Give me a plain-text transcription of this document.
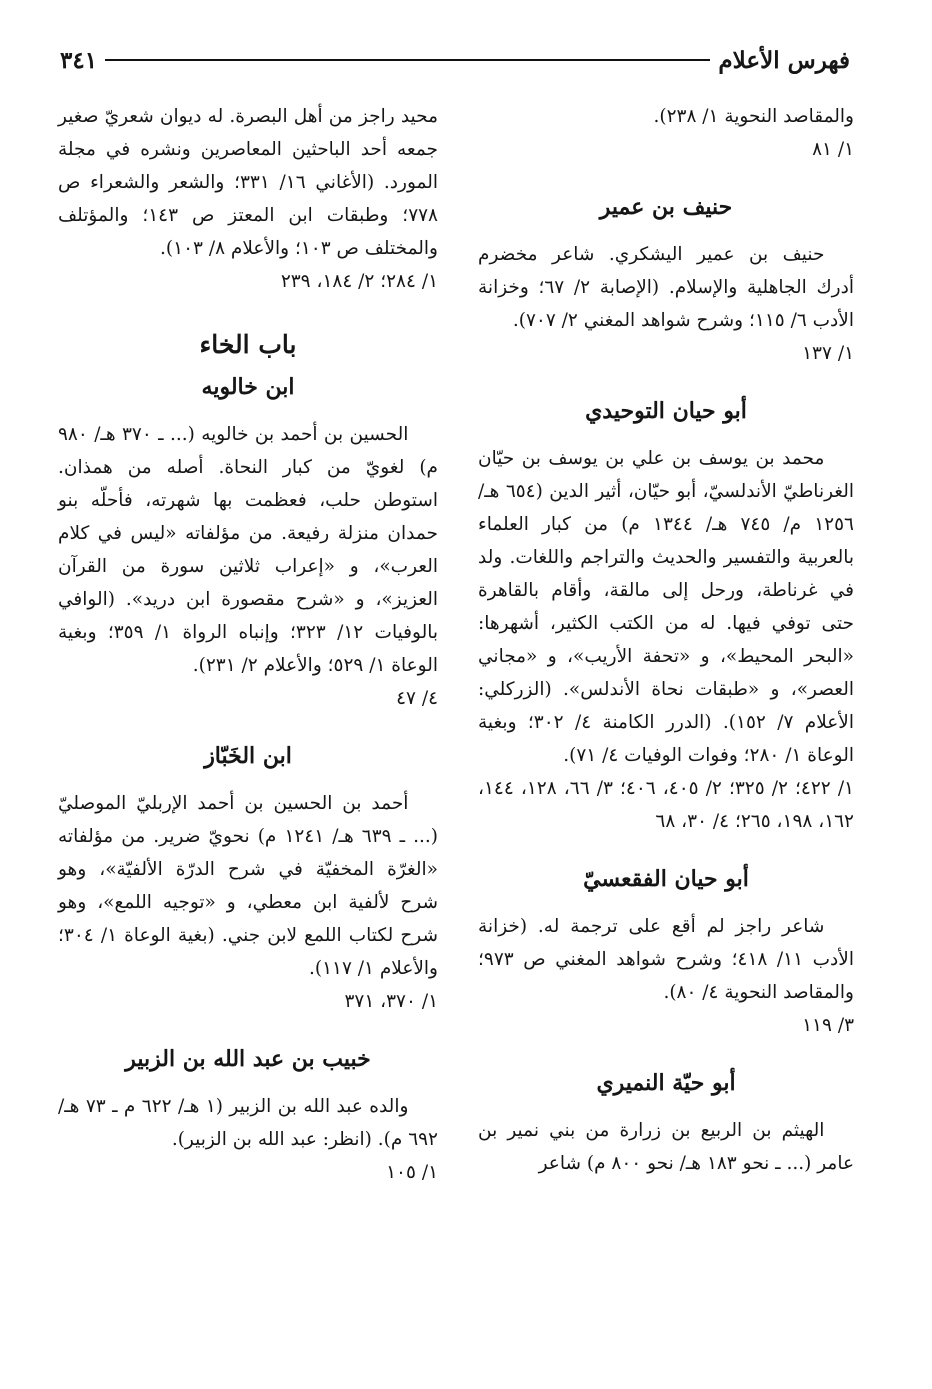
فهرس الأعلام
٣٤١

والمقاصد النحوية ١/ ٢٣٨).

١/ ٨١

حنيف بن عمير

حنيف بن عمير اليشكري. شاعر مخضرم أدرك الجاهلية والإسلام. (الإصابة ٢/ ٦٧؛ وخزانة الأدب ٦/ ١١٥؛ وشرح شواهد المغني ٢/ ٧٠٧).

١/ ١٣٧

أبو حيان التوحيدي

محمد بن يوسف بن علي بن يوسف بن حيّان الغرناطيّ الأندلسيّ، أبو حيّان، أثير الدين (٦٥٤ هـ/ ١٢٥٦ م/ ٧٤٥ هـ/ ١٣٤٤ م) من كبار العلماء بالعربية والتفسير والحديث والتراجم واللغات. ولد في غرناطة، ورحل إلى مالقة، وأقام بالقاهرة حتى توفي فيها. له من الكتب الكثير، أشهرها: «البحر المحيط»، و «تحفة الأريب»، و «مجاني العصر»، و «طبقات نحاة الأندلس». (الزركلي: الأعلام ٧/ ١٥٢). (الدرر الكامنة ٤/ ٣٠٢؛ وبغية الوعاة ١/ ٢٨٠؛ وفوات الوفيات ٤/ ٧١).

١/ ٤٢٢؛ ٢/ ٣٢٥؛ ٢/ ٤٠٥، ٤٠٦؛ ٣/ ٦٦، ١٢٨، ١٤٤، ١٦٢، ١٩٨، ٢٦٥؛ ٤/ ٣٠، ٦٨

أبو حيان الفقعسيّ

شاعر راجز لم أقع على ترجمة له. (خزانة الأدب ١١/ ٤١٨؛ وشرح شواهد المغني ص ٩٧٣؛ والمقاصد النحوية ٤/ ٨٠).

٣/ ١١٩

أبو حيّة النميري

الهيثم بن الربيع بن زرارة من بني نمير بن عامر (... ـ نحو ١٨٣ هـ/ نحو ٨٠٠ م) شاعر

محيد راجز من أهل البصرة. له ديوان شعريّ صغير جمعه أحد الباحثين المعاصرين ونشره في مجلة المورد. (الأغاني ١٦/ ٣٣١؛ والشعر والشعراء ص ٧٧٨؛ وطبقات ابن المعتز ص ١٤٣؛ والمؤتلف والمختلف ص ١٠٣؛ والأعلام ٨/ ١٠٣).

١/ ٢٨٤؛ ٢/ ١٨٤، ٢٣٩

باب الخاء
ابن خالويه

الحسين بن أحمد بن خالويه (... ـ ٣٧٠ هـ/ ٩٨٠ م) لغويّ من كبار النحاة. أصله من همذان. استوطن حلب، فعظمت بها شهرته، فأحلّه بنو حمدان منزلة رفيعة. من مؤلفاته «ليس في كلام العرب»، و «إعراب ثلاثين سورة من القرآن العزيز»، و «شرح مقصورة ابن دريد». (الوافي بالوفيات ١٢/ ٣٢٣؛ وإنباه الرواة ١/ ٣٥٩؛ وبغية الوعاة ١/ ٥٢٩؛ والأعلام ٢/ ٢٣١).

٤/ ٤٧

ابن الخَبّاز

أحمد بن الحسين بن أحمد الإربليّ الموصليّ (... ـ ٦٣٩ هـ/ ١٢٤١ م) نحويّ ضرير. من مؤلفاته «الغرّة المخفيّة في شرح الدرّة الألفيّة»، وهو شرح لألفية ابن معطي، و «توجيه اللمع»، وهو شرح لكتاب اللمع لابن جني. (بغية الوعاة ١/ ٣٠٤؛ والأعلام ١/ ١١٧).

١/ ٣٧٠، ٣٧١

خبيب بن عبد الله بن الزبير

والده عبد الله بن الزبير (١ هـ/ ٦٢٢ م ـ ٧٣ هـ/ ٦٩٢ م). (انظر: عبد الله بن الزبير).

١/ ١٠٥
